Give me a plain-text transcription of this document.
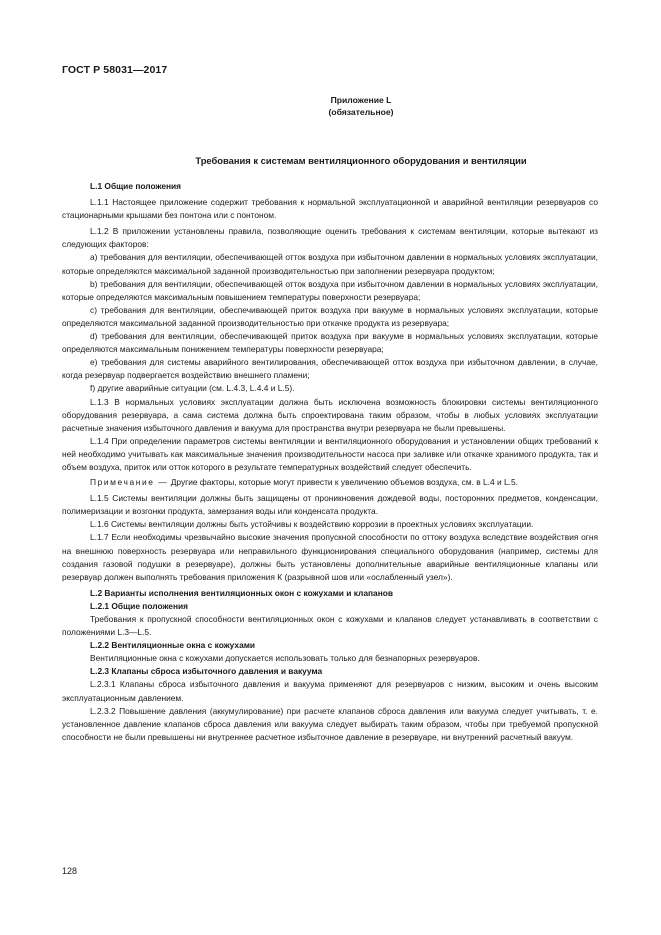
ГОСТ Р 58031—2017
Приложение L
(обязательное)
Требования к системам вентиляционного оборудования и вентиляции

L.1 Общие положения

L.1.1 Настоящее приложение содержит требования к нормальной эксплуатационной и аварийной вентиляции резервуаров со стационарными крышами без понтона или с понтоном.

L.1.2 В приложении установлены правила, позволяющие оценить требования к системам вентиляции, которые вытекают из следующих факторов:

а) требования для вентиляции, обеспечивающей отток воздуха при избыточном давлении в нормальных условиях эксплуатации, которые определяются максимальной заданной производительностью при заполнении резервуара продуктом;

b) требования для вентиляции, обеспечивающей отток воздуха при избыточном давлении в нормальных условиях эксплуатации, которые определяются максимальным повышением температуры поверхности резервуара;

с) требования для вентиляции, обеспечивающей приток воздуха при вакууме в нормальных условиях эксплуатации, которые определяются максимальной заданной производительностью при откачке продукта из резервуара;

d) требования для вентиляции, обеспечивающей приток воздуха при вакууме в нормальных условиях эксплуатации, которые определяются максимальным понижением температуры поверхности резервуара;

е) требования для системы аварийного вентилирования, обеспечивающей отток воздуха при избыточном давлении, в случае, когда резервуар подвергается воздействию внешнего пламени;

f) другие аварийные ситуации (см. L.4.3, L.4.4 и L.5).

L.1.3 В нормальных условиях эксплуатации должна быть исключена возможность блокировки системы вентиляционного оборудования резервуара, а сама система должна быть спроектирована таким образом, чтобы в любых условиях эксплуатации расчетные значения избыточного давления и вакуума для пространства внутри резервуара не были превышены.

L.1.4 При определении параметров системы вентиляции и вентиляционного оборудования и установлении общих требований к ней необходимо учитывать как максимальные значения производительности насоса при заливке или откачке хранимого продукта, так и объем воздуха, приток или отток которого в результате температурных воздействий следует обеспечить.

Примечание — Другие факторы, которые могут привести к увеличению объемов воздуха, см. в L.4 и L.5.

L.1.5 Системы вентиляции должны быть защищены от проникновения дождевой воды, посторонних предметов, конденсации, полимеризации и возгонки продукта, замерзания воды или конденсата продукта.

L.1.6 Системы вентиляции должны быть устойчивы к воздействию коррозии в проектных условиях эксплуатации.

L.1.7 Если необходимы чрезвычайно высокие значения пропускной способности по оттоку воздуха вследствие воздействия огня на внешнюю поверхность резервуара или неправильного функционирования специального оборудования (например, системы для создания газовой подушки в резервуаре), должны быть установлены дополнительные аварийные вентиляционные клапаны или резервуар должен выполнять требования приложения К (разрывной шов или «ослабленный узел»).

L.2 Варианты исполнения вентиляционных окон с кожухами и клапанов

L.2.1 Общие положения

Требования к пропускной способности вентиляционных окон с кожухами и клапанов следует устанавливать в соответствии с положениями L.3—L.5.

L.2.2 Вентиляционные окна с кожухами

Вентиляционные окна с кожухами допускается использовать только для безнапорных резервуаров.

L.2.3 Клапаны сброса избыточного давления и вакуума

L.2.3.1 Клапаны сброса избыточного давления и вакуума применяют для резервуаров с низким, высоким и очень высоким эксплуатационным давлением.

L.2.3.2 Повышение давления (аккумулирование) при расчете клапанов сброса давления или вакуума следует учитывать, т. е. установленное давление клапанов сброса давления или вакуума следует выбирать таким образом, чтобы при требуемой пропускной способности не были превышены ни внутреннее расчетное избыточное давление в резервуаре, ни внутренний расчетный вакуум.

128
